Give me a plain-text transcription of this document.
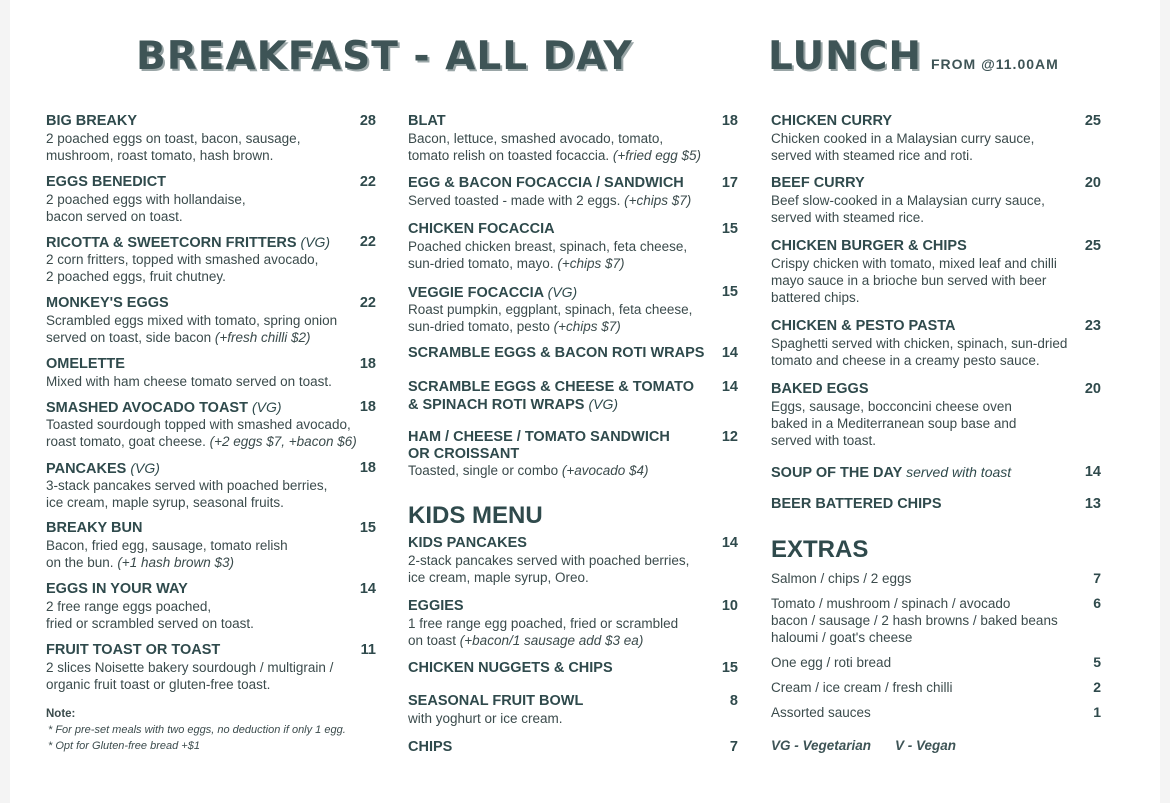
BREAKFAST - ALL DAY	LUNCH FROM @11.00AM
BIG BREAKY	28
2 poached eggs on toast, bacon, sausage,
mushroom, roast tomato, hash brown.
EGGS BENEDICT	22
2 poached eggs with hollandaise,
bacon served on toast.
RICOTTA & SWEETCORN FRITTERS (VG)	22
2 corn fritters, topped with smashed avocado,
2 poached eggs, fruit chutney.
MONKEY'S EGGS	22
Scrambled eggs mixed with tomato, spring onion
served on toast, side bacon (+fresh chilli $2)
OMELETTE	18
Mixed with ham cheese tomato served on toast.
SMASHED AVOCADO TOAST (VG)	18
Toasted sourdough topped with smashed avocado,
roast tomato, goat cheese. (+2 eggs $7, +bacon $6)
PANCAKES (VG)	18
3-stack pancakes served with poached berries,
ice cream, maple syrup, seasonal fruits.
BREAKY BUN	15
Bacon, fried egg, sausage, tomato relish
on the bun. (+1 hash brown $3)
EGGS IN YOUR WAY	14
2 free range eggs poached,
fried or scrambled served on toast.
FRUIT TOAST OR TOAST	11
2 slices Noisette bakery sourdough / multigrain /
organic fruit toast or gluten-free toast.
Note:
* For pre-set meals with two eggs, no deduction if only 1 egg.
* Opt for Gluten-free bread +$1
BLAT	18
Bacon, lettuce, smashed avocado, tomato,
tomato relish on toasted focaccia. (+fried egg $5)
EGG & BACON FOCACCIA / SANDWICH	17
Served toasted - made with 2 eggs. (+chips $7)
CHICKEN FOCACCIA	15
Poached chicken breast, spinach, feta cheese,
sun-dried tomato, mayo. (+chips $7)
VEGGIE FOCACCIA (VG)	15
Roast pumpkin, eggplant, spinach, feta cheese,
sun-dried tomato, pesto (+chips $7)
SCRAMBLE EGGS & BACON ROTI WRAPS	14
SCRAMBLE EGGS & CHEESE & TOMATO	14
& SPINACH ROTI WRAPS (VG)
HAM / CHEESE / TOMATO SANDWICH	12
OR CROISSANT
Toasted, single or combo (+avocado $4)
KIDS MENU
KIDS PANCAKES	14
2-stack pancakes served with poached berries,
ice cream, maple syrup, Oreo.
EGGIES	10
1 free range egg poached, fried or scrambled
on toast (+bacon/1 sausage add $3 ea)
CHICKEN NUGGETS & CHIPS	15
SEASONAL FRUIT BOWL	8
with yoghurt or ice cream.
CHIPS	7
CHICKEN CURRY	25
Chicken cooked in a Malaysian curry sauce,
served with steamed rice and roti.
BEEF CURRY	20
Beef slow-cooked in a Malaysian curry sauce,
served with steamed rice.
CHICKEN BURGER & CHIPS	25
Crispy chicken with tomato, mixed leaf and chilli
mayo sauce in a brioche bun served with beer
battered chips.
CHICKEN & PESTO PASTA	23
Spaghetti served with chicken, spinach, sun-dried
tomato and cheese in a creamy pesto sauce.
BAKED EGGS	20
Eggs, sausage, bocconcini cheese oven
baked in a Mediterranean soup base and
served with toast.
SOUP OF THE DAY served with toast	14
BEER BATTERED CHIPS	13
EXTRAS
Salmon / chips / 2 eggs	7
Tomato / mushroom / spinach / avocado
bacon / sausage / 2 hash browns / baked beans
haloumi / goat's cheese
6
One egg / roti bread	5
Cream / ice cream / fresh chilli	2
Assorted sauces	1
VG - Vegetarian V - Vegan
